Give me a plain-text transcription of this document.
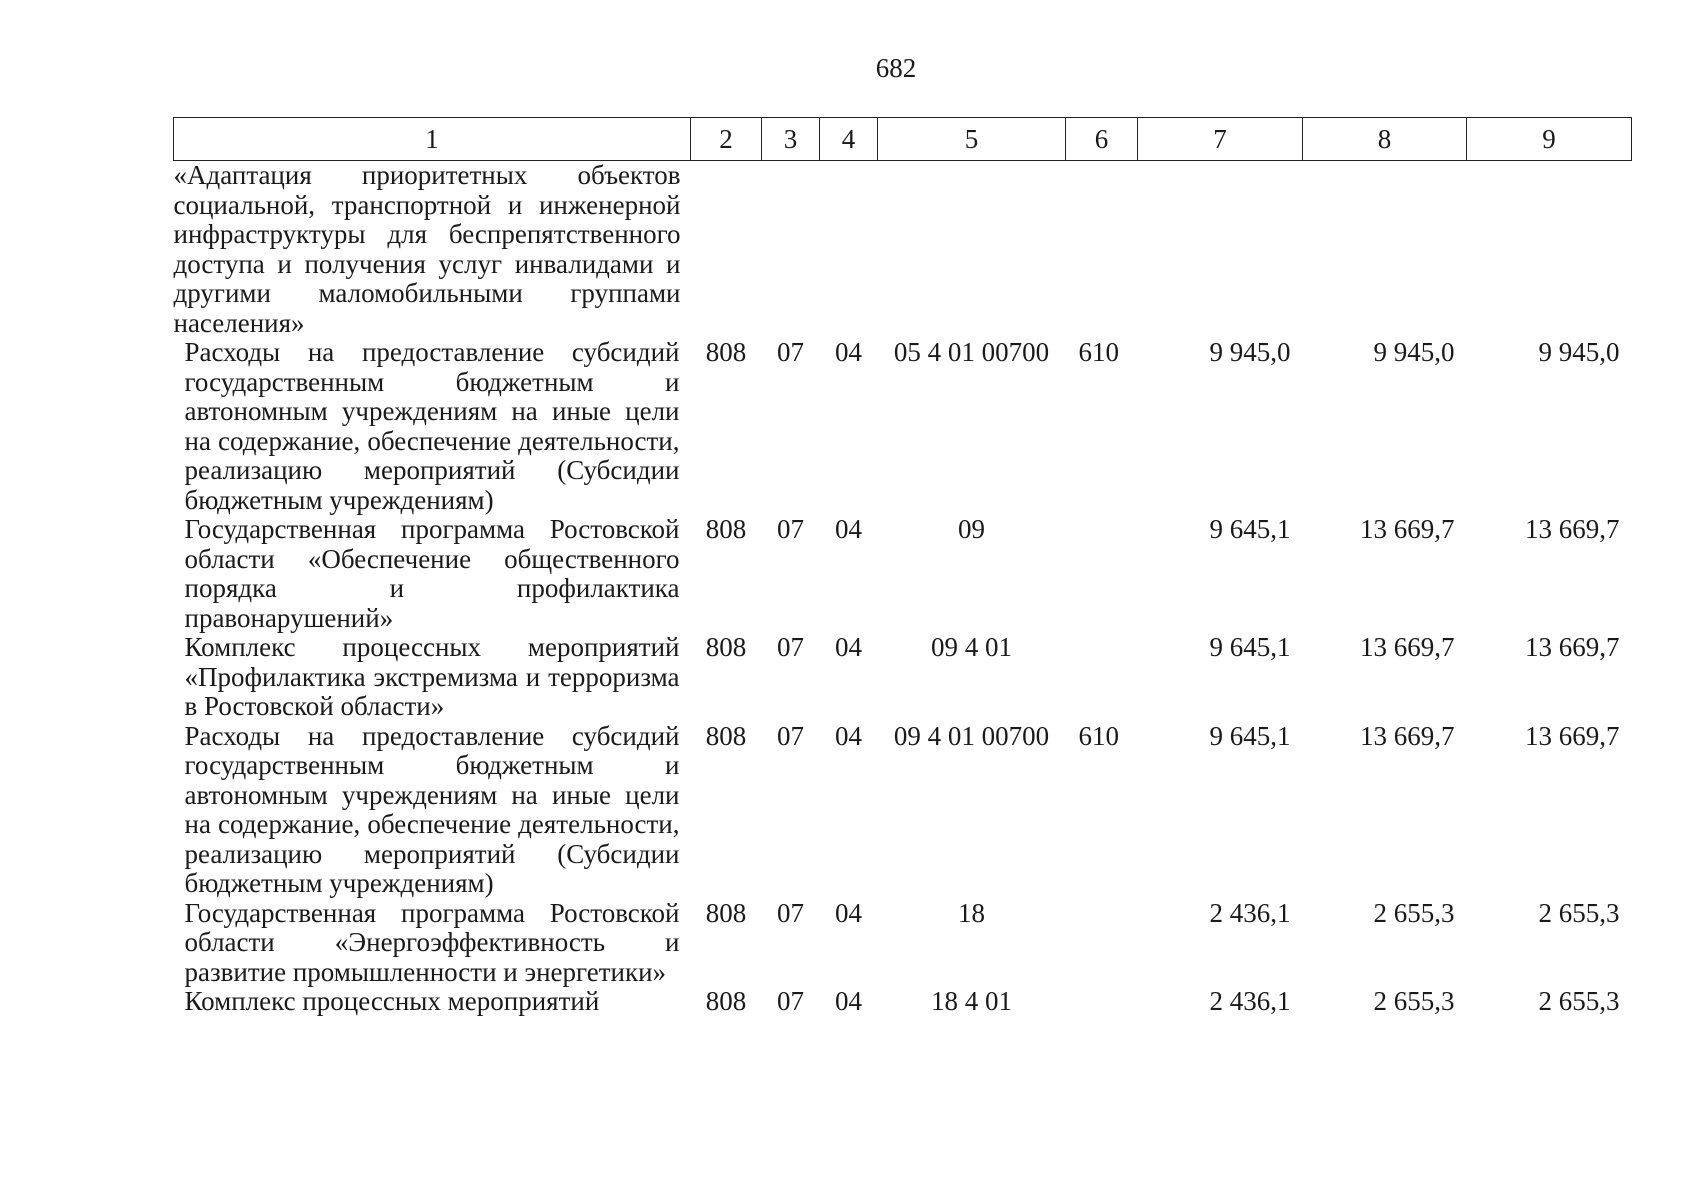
682
1	2	3	4	5	6	7	8	9
«Адаптация приоритетных объектов социальной, транспортной и инженерной инфраструктуры для беспрепятственного доступа и получения услуг инвалидами и другими маломобильными группами населения»								
Расходы на предоставление субсидий государственным бюджетным и автономным учреждениям на иные цели на содержание, обеспечение деятельности, реализацию мероприятий (Субсидии бюджетным учреждениям)	808	07	04	05 4 01 00700	610	9 945,0	9 945,0	9 945,0
Государственная программа Ростовской области «Обеспечение общественного порядка и профилактика правонарушений»	808	07	04	09		9 645,1	13 669,7	13 669,7
Комплекс процессных мероприятий «Профилактика экстремизма и терроризма в Ростовской области»	808	07	04	09 4 01		9 645,1	13 669,7	13 669,7
Расходы на предоставление субсидий государственным бюджетным и автономным учреждениям на иные цели на содержание, обеспечение деятельности, реализацию мероприятий (Субсидии бюджетным учреждениям)	808	07	04	09 4 01 00700	610	9 645,1	13 669,7	13 669,7
Государственная программа Ростовской области «Энергоэффективность и развитие промышленности и энергетики»	808	07	04	18		2 436,1	2 655,3	2 655,3
Комплекс процессных мероприятий	808	07	04	18 4 01		2 436,1	2 655,3	2 655,3
